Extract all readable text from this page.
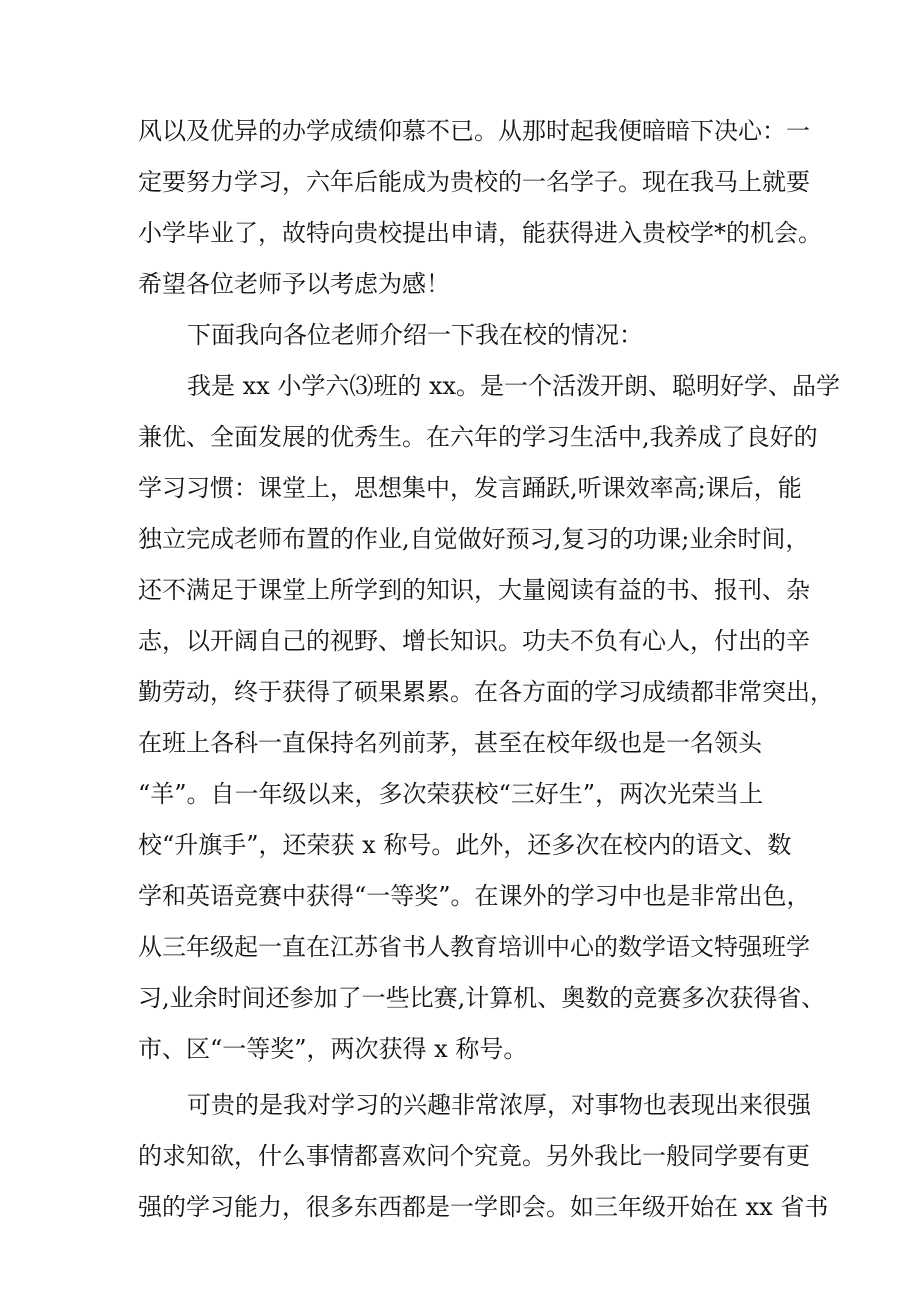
风以及优异的办学成绩仰慕不已。从那时起我便暗暗下决心：一
定要努力学习，六年后能成为贵校的一名学子。现在我马上就要
小学毕业了，故特向贵校提出申请，能获得进入贵校学*的机会。
希望各位老师予以考虑为感！
下面我向各位老师介绍一下我在校的情况：
我是 xx 小学六⑶班的 xx。是一个活泼开朗、聪明好学、品学
兼优、全面发展的优秀生。在六年的学习生活中,我养成了良好的
学习习惯：课堂上，思想集中，发言踊跃,听课效率高;课后，能
独立完成老师布置的作业,自觉做好预习,复习的功课;业余时间，
还不满足于课堂上所学到的知识，大量阅读有益的书、报刊、杂
志，以开阔自己的视野、增长知识。功夫不负有心人，付出的辛
勤劳动，终于获得了硕果累累。在各方面的学习成绩都非常突出，
在班上各科一直保持名列前茅，甚至在校年级也是一名领头
“羊”。自一年级以来，多次荣获校“三好生”，两次光荣当上
校“升旗手”，还荣获 x 称号。此外，还多次在校内的语文、数
学和英语竞赛中获得“一等奖”。在课外的学习中也是非常出色，
从三年级起一直在江苏省书人教育培训中心的数学语文特强班学
习,业余时间还参加了一些比赛,计算机、奥数的竞赛多次获得省、
市、区“一等奖”，两次获得 x 称号。
可贵的是我对学习的兴趣非常浓厚，对事物也表现出来很强
的求知欲，什么事情都喜欢问个究竟。另外我比一般同学要有更
强的学习能力，很多东西都是一学即会。如三年级开始在 xx 省书
